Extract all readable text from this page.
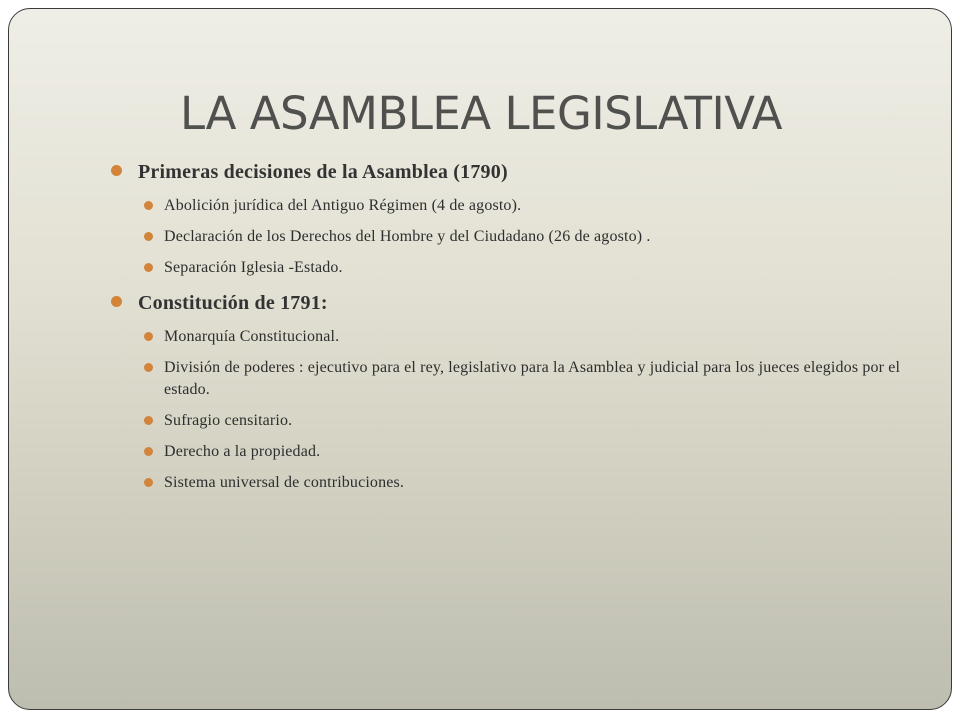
LA ASAMBLEA LEGISLATIVA
Primeras decisiones de la Asamblea (1790)
Abolición jurídica del Antiguo Régimen (4 de agosto).
Declaración de los Derechos del Hombre y del Ciudadano (26 de agosto) .
Separación Iglesia -Estado.
Constitución de 1791:
Monarquía Constitucional.
División de poderes : ejecutivo para el rey, legislativo para la Asamblea y judicial para los jueces elegidos por el estado.
Sufragio censitario.
Derecho a la propiedad.
Sistema universal de contribuciones.
